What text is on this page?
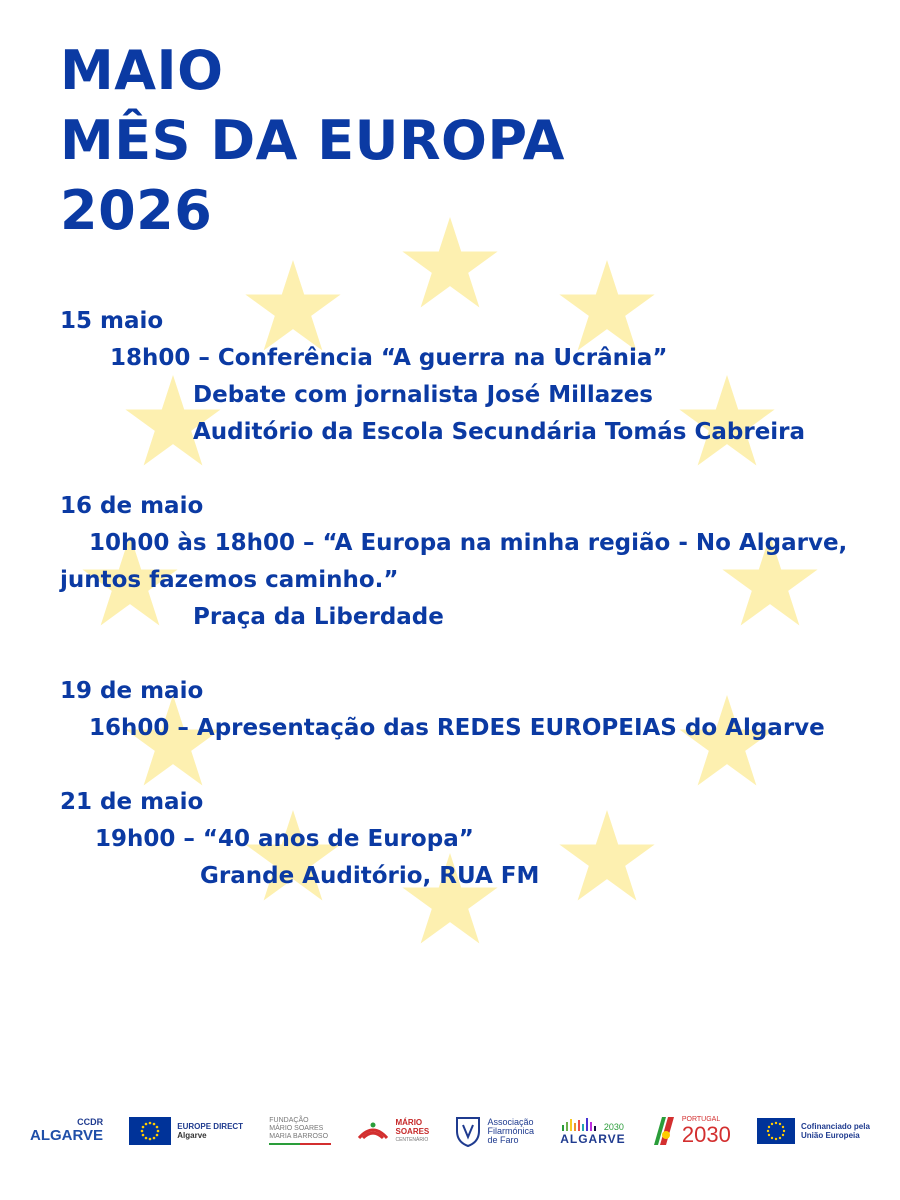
MAIO
MÊS DA EUROPA
2026
15 maio
18h00 – Conferência “A guerra na Ucrânia”
Debate com jornalista José Millazes
Auditório da Escola Secundária Tomás Cabreira
16 de maio
10h00 às 18h00 – “A Europa na minha região - No Algarve,
juntos fazemos caminho.”
Praça da Liberdade
19 de maio
16h00 – Apresentação das REDES EUROPEIAS do Algarve
21 de maio
19h00 – “40 anos de Europa”
Grande Auditório, RUA FM
CCDR
ALGARVE
EUROPE DIRECT
Algarve
FUNDAÇÃO
MÁRIO SOARES
MARIA BARROSO
MÁRIO
SOARES
CENTENÁRIO
Associação
Filarmónica
de Faro
2030
ALGARVE
PORTUGAL
2030	Cofinanciado pela
União Europeia
